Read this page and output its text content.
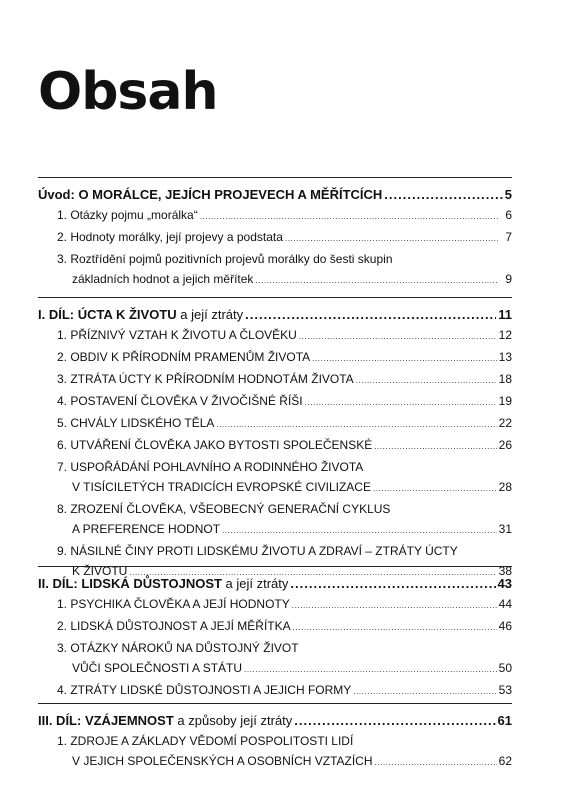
Obsah
Úvod: O MORÁLCE, JEJÍCH PROJEVECH A MĚŘÍTCÍCH .....	5
1. Otázky pojmu „morálka“ .....	6
2. Hodnoty morálky, její projevy a podstata .....	7
3. Roztřídění pojmů pozitivních projevů morálky do šesti skupin
základních hodnot a jejich měřítek .....	9
I. DÍL: ÚCTA K ŽIVOTU a její ztráty .....	11
1. PŘÍZNIVÝ VZTAH K ŽIVOTU A ČLOVĚKU .....	12
2. OBDIV K PŘÍRODNÍM PRAMENŮM ŽIVOTA .....	13
3. ZTRÁTA ÚCTY K PŘÍRODNÍM HODNOTÁM ŽIVOTA .....	18
4. POSTAVENÍ ČLOVĚKA V ŽIVOČIŠNÉ ŘÍŠI .....	19
5. CHVÁLY LIDSKÉHO TĚLA .....	22
6. UTVÁŘENÍ ČLOVĚKA JAKO BYTOSTI SPOLEČENSKÉ .....	26
7. USPOŘÁDÁNÍ POHLAVNÍHO A RODINNÉHO ŽIVOTA
V TISÍCILETÝCH TRADICÍCH EVROPSKÉ CIVILIZACE .....	28
8. ZROZENÍ ČLOVĚKA, VŠEOBECNÝ GENERAČNÍ CYKLUS
A PREFERENCE HODNOT .....	31
9. NÁSILNÉ ČINY PROTI LIDSKÉMU ŽIVOTU A ZDRAVÍ – ZTRÁTY ÚCTY
K ŽIVOTU .....	38
II. DÍL: LIDSKÁ DŮSTOJNOST a její ztráty .....	43
1. PSYCHIKA ČLOVĚKA A JEJÍ HODNOTY .....	44
2. LIDSKÁ DŮSTOJNOST A JEJÍ MĚŘÍTKA .....	46
3. OTÁZKY NÁROKŮ NA DŮSTOJNÝ ŽIVOT
VŮČI SPOLEČNOSTI A STÁTU .....	50
4. ZTRÁTY LIDSKÉ DŮSTOJNOSTI A JEJICH FORMY .....	53
III. DÍL: VZÁJEMNOST a způsoby její ztráty .....	61
1. ZDROJE A ZÁKLADY VĚDOMÍ POSPOLITOSTI LIDÍ
V JEJICH SPOLEČENSKÝCH A OSOBNÍCH VZTAZÍCH .....	62
